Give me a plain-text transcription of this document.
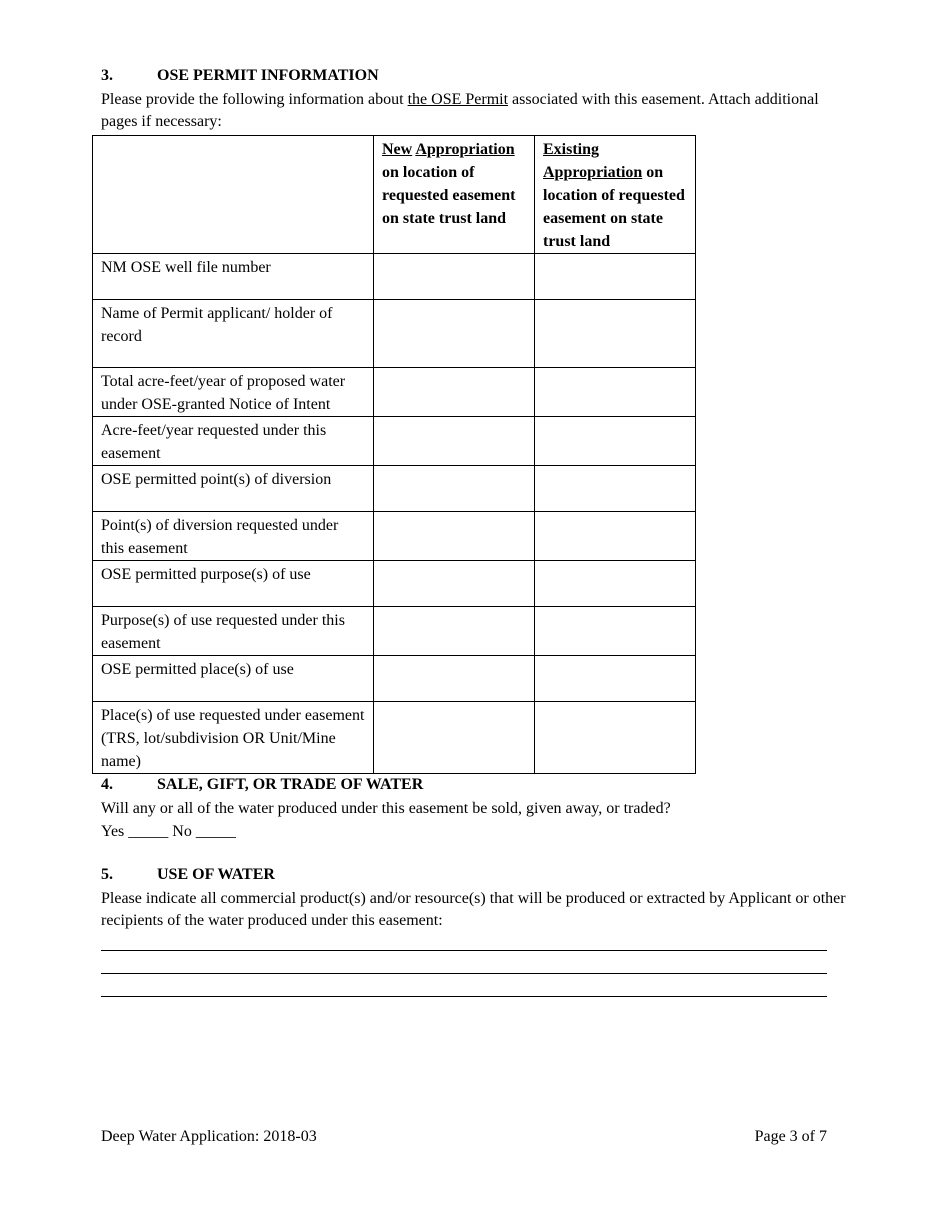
3.	OSE PERMIT INFORMATION
Please provide the following information about the OSE Permit associated with this easement. Attach additional pages if necessary:
	New Appropriation on location of requested easement on state trust land	Existing Appropriation on location of requested easement on state trust land
NM OSE well file number		
Name of Permit applicant/ holder of record		
Total acre-feet/year of proposed water under OSE-granted Notice of Intent		
Acre-feet/year requested under this easement		
OSE permitted point(s) of diversion		
Point(s) of diversion requested under this easement		
OSE permitted purpose(s) of use		
Purpose(s) of use requested under this easement		
OSE permitted place(s) of use		
Place(s) of use requested under easement (TRS, lot/subdivision OR Unit/Mine name)		
4.	SALE, GIFT, OR TRADE OF WATER
Will any or all of the water produced under this easement be sold, given away, or traded?
Yes _____ No _____
5.	USE OF WATER
Please indicate all commercial product(s) and/or resource(s) that will be produced or extracted by Applicant or other recipients of the water produced under this easement:
Deep Water Application: 2018-03	Page 3 of 7
